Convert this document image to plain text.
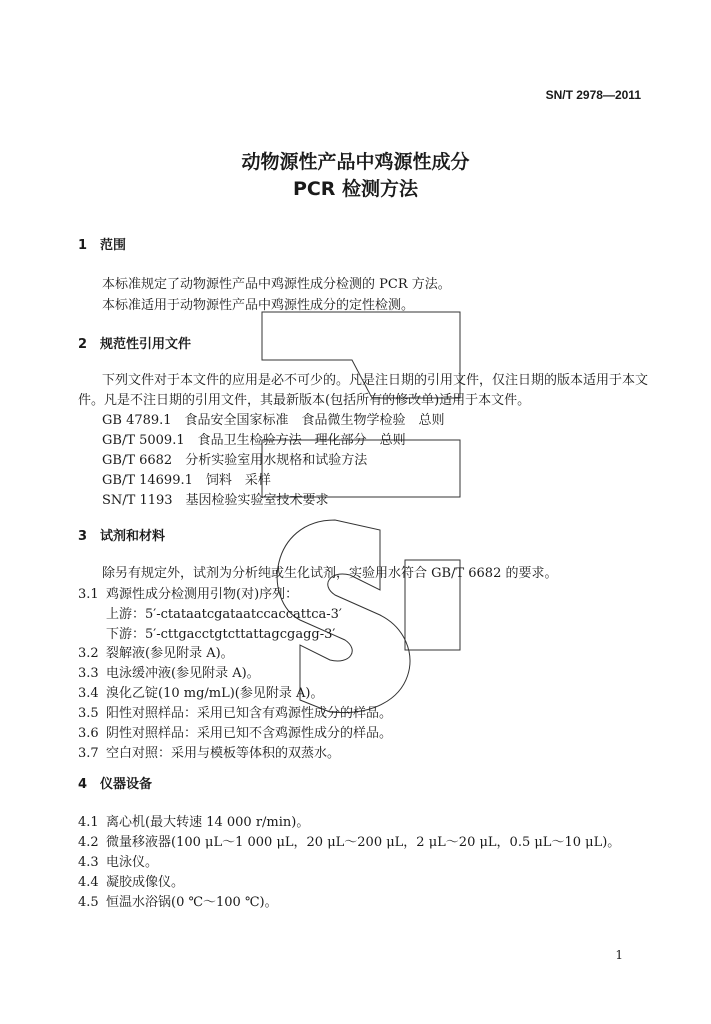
SN/T 2978—2011
动物源性产品中鸡源性成分
PCR 检测方法
1 范围
本标准规定了动物源性产品中鸡源性成分检测的 PCR 方法。
本标准适用于动物源性产品中鸡源性成分的定性检测。
2 规范性引用文件
下列文件对于本文件的应用是必不可少的。凡是注日期的引用文件，仅注日期的版本适用于本文
件。凡是不注日期的引用文件，其最新版本(包括所有的修改单)适用于本文件。
GB 4789.1　食品安全国家标准　食品微生物学检验　总则
GB/T 5009.1　食品卫生检验方法　理化部分　总则
GB/T 6682　分析实验室用水规格和试验方法
GB/T 14699.1　饲料　采样
SN/T 1193　基因检验实验室技术要求
3 试剂和材料
除另有规定外，试剂为分析纯或生化试剂，实验用水符合 GB/T 6682 的要求。
3.1 鸡源性成分检测用引物(对)序列：
上游：5′-ctataatcgataatccaccattca-3′
下游：5′-cttgacctgtcttattagcgagg-3′
3.2 裂解液(参见附录 A)。
3.3 电泳缓冲液(参见附录 A)。
3.4 溴化乙锭(10 mg/mL)(参见附录 A)。
3.5 阳性对照样品：采用已知含有鸡源性成分的样品。
3.6 阴性对照样品：采用已知不含鸡源性成分的样品。
3.7 空白对照：采用与模板等体积的双蒸水。
4 仪器设备
4.1 离心机(最大转速 14 000 r/min)。
4.2 微量移液器(100 μL～1 000 μL，20 μL～200 μL，2 μL～20 μL，0.5 μL～10 μL)。
4.3 电泳仪。
4.4 凝胶成像仪。
4.5 恒温水浴锅(0 ℃～100 ℃)。
1
